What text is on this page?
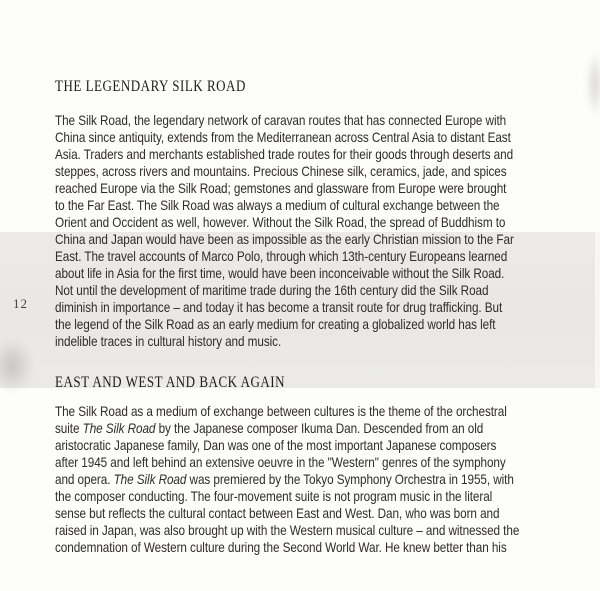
12
THE LEGENDARY SILK ROAD
The Silk Road, the legendary network of caravan routes that has connected Europe with
China since antiquity, extends from the Mediterranean across Central Asia to distant East
Asia. Traders and merchants established trade routes for their goods through deserts and
steppes, across rivers and mountains. Precious Chinese silk, ceramics, jade, and spices
reached Europe via the Silk Road; gemstones and glassware from Europe were brought
to the Far East. The Silk Road was always a medium of cultural exchange between the
Orient and Occident as well, however. Without the Silk Road, the spread of Buddhism to
China and Japan would have been as impossible as the early Christian mission to the Far
East. The travel accounts of Marco Polo, through which 13th-century Europeans learned
about life in Asia for the first time, would have been inconceivable without the Silk Road.
Not until the development of maritime trade during the 16th century did the Silk Road
diminish in importance – and today it has become a transit route for drug trafficking. But
the legend of the Silk Road as an early medium for creating a globalized world has left
indelible traces in cultural history and music.
EAST AND WEST AND BACK AGAIN
The Silk Road as a medium of exchange between cultures is the theme of the orchestral
suite The Silk Road by the Japanese composer Ikuma Dan. Descended from an old
aristocratic Japanese family, Dan was one of the most important Japanese composers
after 1945 and left behind an extensive oeuvre in the "Western" genres of the symphony
and opera. The Silk Road was premiered by the Tokyo Symphony Orchestra in 1955, with
the composer conducting. The four-movement suite is not program music in the literal
sense but reflects the cultural contact between East and West. Dan, who was born and
raised in Japan, was also brought up with the Western musical culture – and witnessed the
condemnation of Western culture during the Second World War. He knew better than his
